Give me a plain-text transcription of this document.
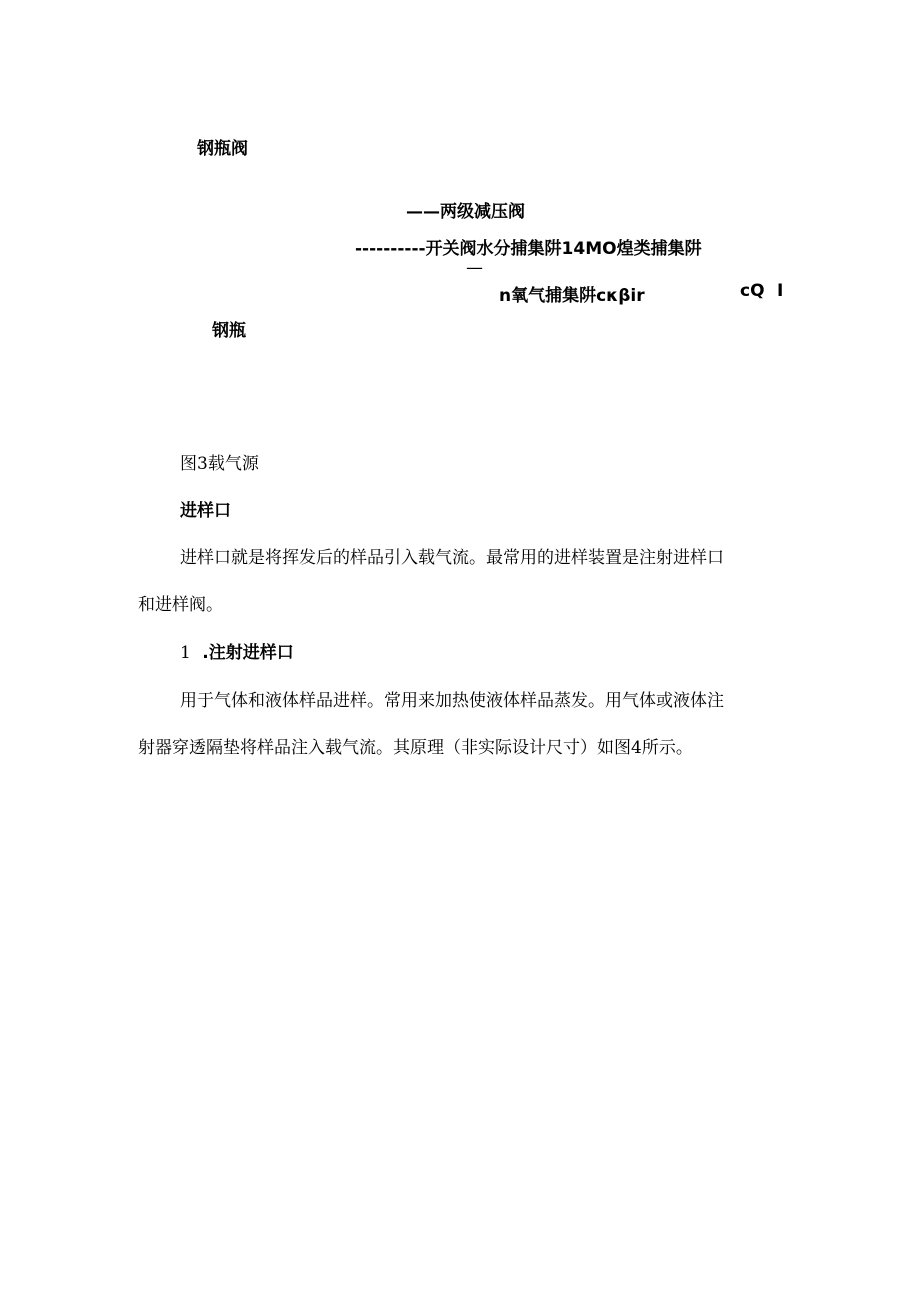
钢瓶阀
——两级减压阀
----------开关阀水分捕集阱14MO煌类捕集阱
—
n氧气捕集阱cκβir	cQ I
钢瓶
图3载气源
进样口
进样口就是将挥发后的样品引入载气流。最常用的进样装置是注射进样口
和进样阀。
1 .注射进样口
用于气体和液体样品进样。常用来加热使液体样品蒸发。用气体或液体注
射器穿透隔垫将样品注入载气流。其原理（非实际设计尺寸）如图4所示。
